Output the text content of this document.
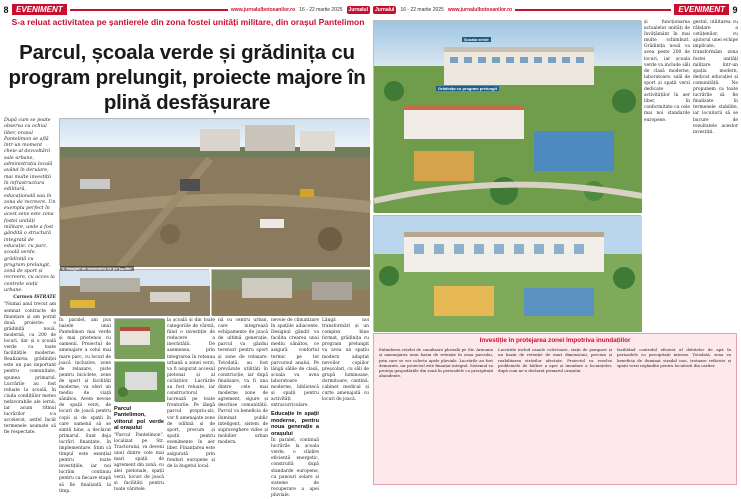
8 EVENIMENT	www.jurnalulbotosanilor.ro 16 - 22 martie 2025	Jurnalul	Jurnalul	16 - 22 martie 2025 www.jurnalulbotosanilor.ro	EVENIMENT 9
S-a reluat activitatea pe șantierele din zona fostei unități militare, din orașul Pantelimon
Parcul, școala verde și grădinița cu program prelungit, proiecte majore în plină desfășurare

După cum se poate observa cu ochiul liber, orașul Pantelimon se află într-un moment cheie al dezvoltării sale urbane, administrația locală având în derulare, mai multe investiții în infrastructura edilitară, educațională sau în zona de recreere. Un exemplu perfect în acest sens este zona fostei unități militare, unde a fost gândită o structură integrată de educație, cu parc, școală verde, grădiniță cu program prelungit, zonă de sport și recreere, cu acces la centrele vieții urbane.

Carmen ISTRATE

"Numai anul trecut am semnat contracte de finanțare și am pornit două proiecte: o grădiniță nouă, modernă, cu 200 de locuri, dar și o școală verde cu toate facilitățile moderne. Realizarea grădiniței este un pas important pentru comunitate, spunea primarul. Lucrările au fost reluate la școală, în ciuda condițiilor meteo nefavorabile ale iernii, iar acum ritmul lucrărilor s-a accelerat, astfel încât termenele asumate să fie respectate.

1. Imagini de ansamblu de pe șantier

În paralel, am pus bazele unui Pantelimon mai verde și mai prietenos cu oamenii. Proiectul de amenajare a celui mai mare parc, cu locuri de joacă incluzive, zone de relaxare, piste pentru biciclete, zone de sport și facilități moderne, va oferi un mediu de viață sănătos. Avem nevoie de spații verzi, de locuri de joacă pentru copii și de spații în care oamenii să se simtă bine, a declarat primarul. Sunt deja lucrări finanțate, în implementare. Știm că timpul este esențial pentru toate investițiile, iar noi lucrăm continuu pentru ca fiecare etapă să fie finalizată la timp.

Parcul Pantelimon, viitorul pol verde al orașului

"Parcul Pantelimon", localizat pe Str. Tractorului, va deveni unul dintre cele mai mari spații de agrement din zonă, cu alei pietonale, spații verzi, locuri de joacă și facilități pentru toate vârstele.

la școală și din toate categoriile de vârstă, fiind o investiție de reducere a inechității. De asemenea, prin integrarea în rețeaua urbană a zonei verzi, va fi asigurat accesul pietonal și al cicliștilor. Lucrările au fost reluate, iar constructorul lucrează pe toate fronturile. Pe lângă parcul propriu-zis, vor fi amenajate zone de odihnă și de sport, precum și spații pentru evenimente în aer liber. Finanțarea este asigurată prin fonduri europene și de la bugetul local.

nă cu centru urban, care integrează echipamente de joacă de ultimă generație, parcul va găzdui terenuri pentru sport și zone de relaxare. Totodată, au fost prevăzute utilități în construcție, iar după finalizare, va fi una dintre cele mai moderne zone de agrement, sigure și deschise comunității. Parcul va beneficia de iluminat public inteligent, sistem de supraveghere video și mobilier urban modern.

nevoie de climatizare în spațiile adiacente. Designul gândit va facilita crearea unui mediu sănătos, ce asigură confortul termic pe tot parcursul anului. Pe lângă sălile de clasă, școala va avea laboratoare moderne, bibliotecă și spații pentru activități extracurriculare.

Educație în spații moderne, pentru noua generație a orașului

În paralel, continuă lucrările la școala verde, o clădire eficientă energetic, construită după standarde europene, cu panouri solare și sisteme de recuperare a apei pluviale.

Lângă noi transformări și un complex bine format, grădinița cu program prelungit va avea un spațiu modern adaptat nevoilor copiilor preșcolari, cu săli de grupă luminoase, dormitoare, cantină, cabinet medical și curte amenajată cu locuri de joacă.

Școala verde
Grădinița cu program prelungit

și funcționarea actualelor unități de învățământ în mai multe schimburi. Grădinița nouă va avea peste 200 de locuri, iar școala verde va include săli de clasă moderne, laboratoare, sală de sport și spații verzi dedicate activităților în aer liber, în conformitate cu cele mai noi standarde europene.

gestul, utilitarea cu răbdare a cetățenilor, cu ajutorul unei echipe implicate, transformăm zona fostei unități militare într-un spațiu modern, dedicat educației și comunității. Ne propunem ca toate lucrările să fie finalizate în termenele stabilite, iar locuitorii să se bucure de rezultatele acestor investiții.

Investiție în protejarea zonei împotriva inundațiilor

Extinderea rețelei de canalizare pluvială pe Str. Armonia și amenajarea unui bazin de retenție în zona parcului, prin care se vor colecta apele pluviale. Lucrările au fost demarate, iar proiectul este finanțat integral. Sistemul va proteja gospodăriile din zonă în perioadele cu precipitații abundente.

Lucrările includ canale colectoare, stații de pompare și un bazin de retenție de mari dimensiuni, precum și reabilitarea străzilor afectate. Proiectul va rezolva problemele de băltire a apei și inundare a locuințelor, după cum ne-a declarat primarul orașului.

facilitând controlul eficient al debitelor de apă în perioadele cu precipitații intense. Totodată, zona va beneficia de iluminat stradal nou, trotuare refăcute și spații verzi regândite pentru locuitorii din cartier.
